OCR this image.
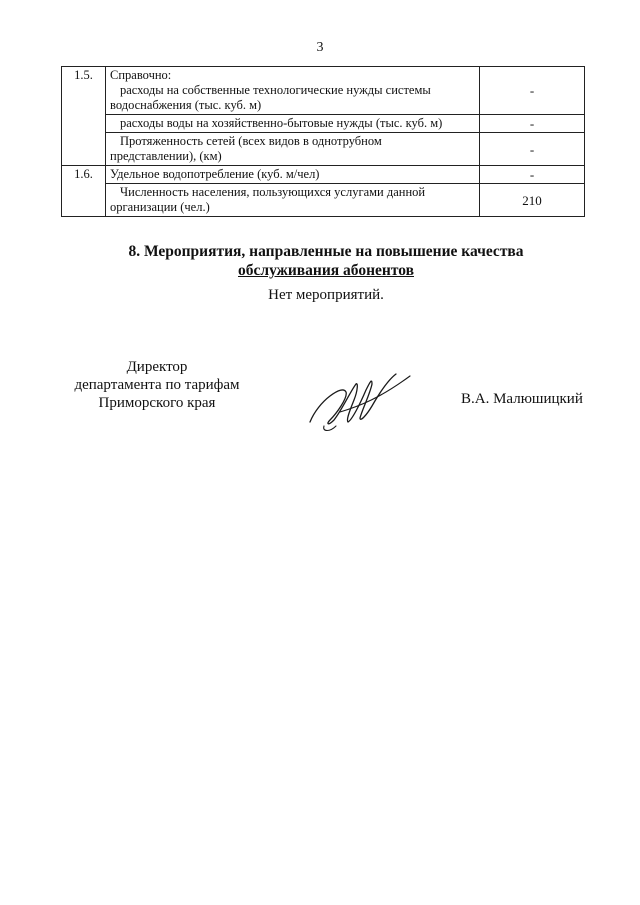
3
1.5.	Справочно:

расходы на собственные технологические нужды системы
водоснабжения (тыс. куб. м)	-
	расходы воды на хозяйственно-бытовые нужды (тыс. куб. м)	-

	Протяженность сетей (всех видов в однотрубном
представлении), (км)	-
1.6.	Удельное водопотребление (куб. м/чел)	-

	Численность населения, пользующихся услугами данной
организации (чел.)	210
8. Мероприятия, направленные на повышение качества
обслуживания абонентов
Нет мероприятий.
Директор
департамента по тарифам
Приморского края	В.А. Малюшицкий
